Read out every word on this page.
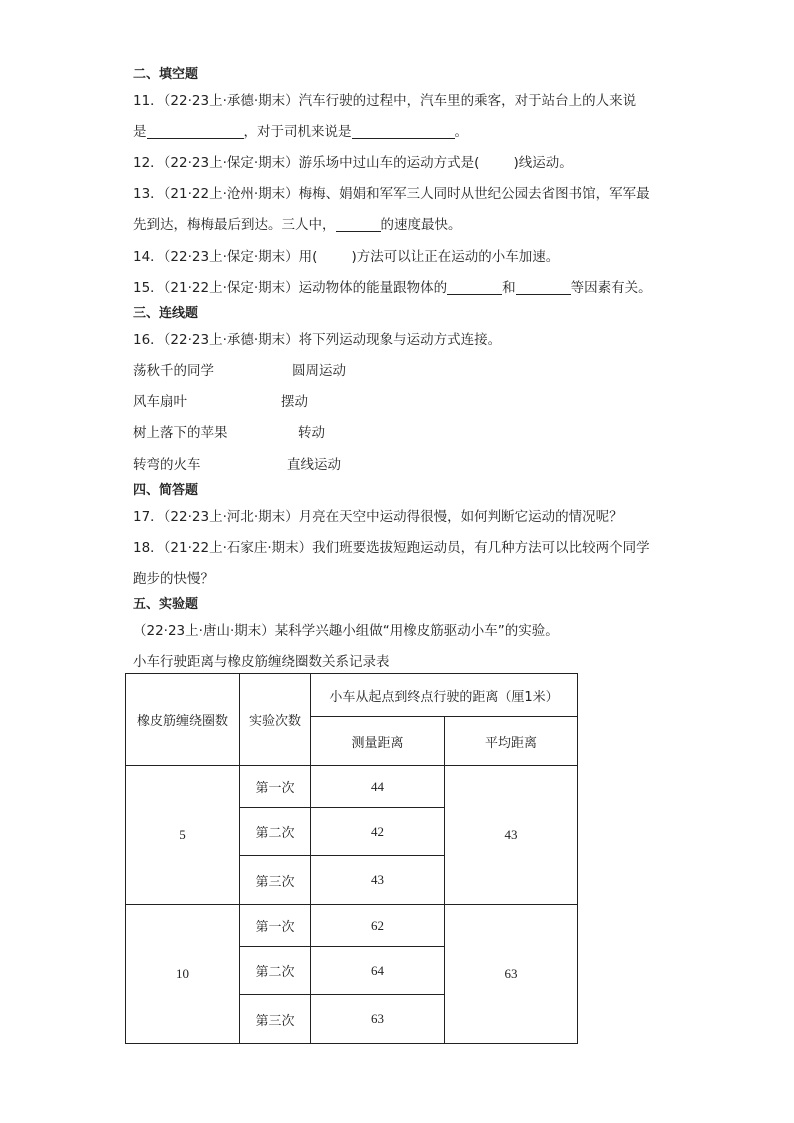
二、填空题
11．（22·23上·承德·期末）汽车行驶的过程中，汽车里的乘客，对于站台上的人来说
是	，对于司机来说是	。
12．（22·23上·保定·期末）游乐场中过山车的运动方式是(	)线运动。
13．（21·22上·沧州·期末）梅梅、娟娟和军军三人同时从世纪公园去省图书馆，军军最
先到达，梅梅最后到达。三人中，	的速度最快。
14．（22·23上·保定·期末）用(	)方法可以让正在运动的小车加速。
15．（21·22上·保定·期末）运动物体的能量跟物体的	和	等因素有关。
三、连线题
16．（22·23上·承德·期末）将下列运动现象与运动方式连接。
荡秋千的同学	圆周运动
风车扇叶	摆动
树上落下的苹果	转动
转弯的火车	直线运动
四、简答题
17．（22·23上·河北·期末）月亮在天空中运动得很慢，如何判断它运动的情况呢？
18．（21·22上·石家庄·期末）我们班要选拔短跑运动员，有几种方法可以比较两个同学
跑步的快慢？
五、实验题
（22·23上·唐山·期末）某科学兴趣小组做“用橡皮筋驱动小车”的实验。
小车行驶距离与橡皮筋缠绕圈数关系记录表
橡皮筋缠绕圈数	实验次数	小车从起点到终点行驶的距离（厘1米）	
		测量距离	平均距离
5	第一次	44	43
	第二次	42	
	第三次	43	
10	第一次	62	63
	第二次	64	
	第三次	63	
